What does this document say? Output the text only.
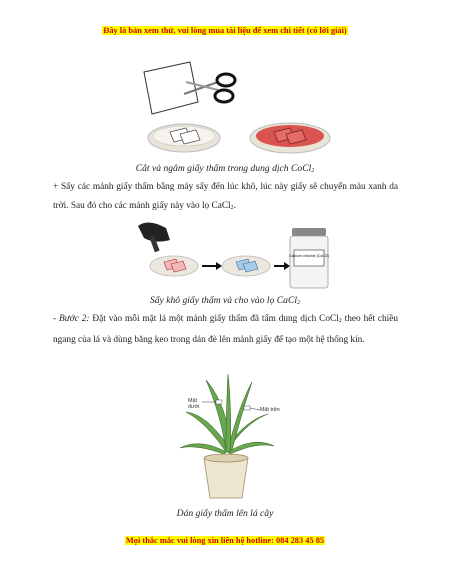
Đây là bản xem thử, vui lòng mua tài liệu để xem chi tiết (có lời giải)
Cắt và ngâm giấy thấm trong dung dịch CoCl$_2$
+ Sấy các mảnh giấy thấm bằng máy sấy đến lúc khô, lúc này giấy sẽ chuyển màu xanh da trời. Sau đó cho các mảnh giấy này vào lọ CaCl$_2$.
Calcium chloride (CaCl2)
Sấy khô giấy thấm và cho vào lọ CaCl$_2$
- Bước 2: Đặt vào mỗi mặt lá một mảnh giấy thấm đã tẩm dung dịch CoCl$_2$ theo hết chiều ngang của lá và dùng băng keo trong dán đè lên mảnh giấy để tạo một hệ thống kín.
Mặt dưới	Mặt trên
Dán giấy thấm lên lá cây
Mọi thắc mắc vui lòng xin liên hệ hotline: 084 283 45 85
